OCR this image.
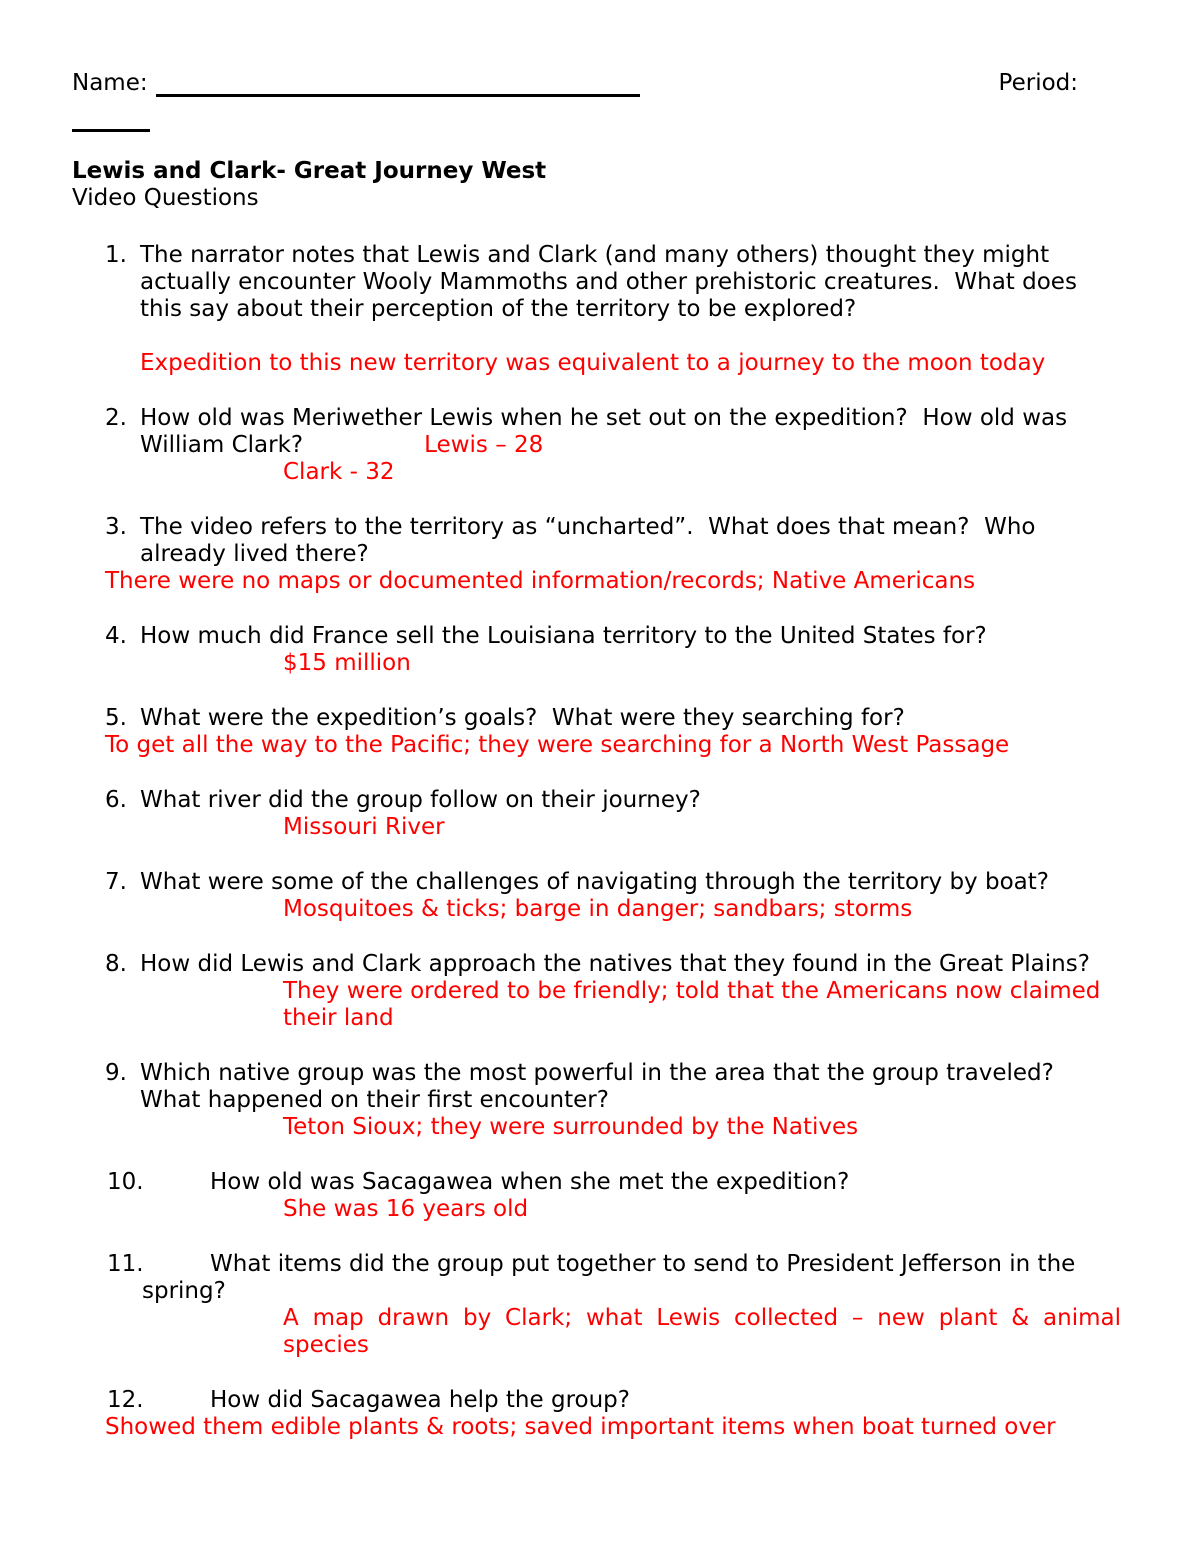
Name:	Period:
Lewis and Clark- Great Journey West
Video Questions
1. The narrator notes that Lewis and Clark (and many others) thought they might
actually encounter Wooly Mammoths and other prehistoric creatures.  What does
this say about their perception of the territory to be explored?
Expedition to this new territory was equivalent to a journey to the moon today
2. How old was Meriwether Lewis when he set out on the expedition?  How old was
William Clark?	Lewis – 28
Clark - 32
3. The video refers to the territory as “uncharted”.  What does that mean?  Who
already lived there?
There were no maps or documented information/records; Native Americans
4. How much did France sell the Louisiana territory to the United States for?
$15 million
5. What were the expedition’s goals?  What were they searching for?
To get all the way to the Pacific; they were searching for a North West Passage
6. What river did the group follow on their journey?
Missouri River
7. What were some of the challenges of navigating through the territory by boat?
Mosquitoes & ticks; barge in danger; sandbars; storms
8. How did Lewis and Clark approach the natives that they found in the Great Plains?
They were ordered to be friendly; told that the Americans now claimed
their land
9. Which native group was the most powerful in the area that the group traveled?
What happened on their first encounter?
Teton Sioux; they were surrounded by the Natives
10.	How old was Sacagawea when she met the expedition?
She was 16 years old
11.	What items did the group put together to send to President Jefferson in the
spring?
A map drawn by Clark; what Lewis collected – new plant & animal
species
12.	How did Sacagawea help the group?
Showed them edible plants & roots; saved important items when boat turned over
